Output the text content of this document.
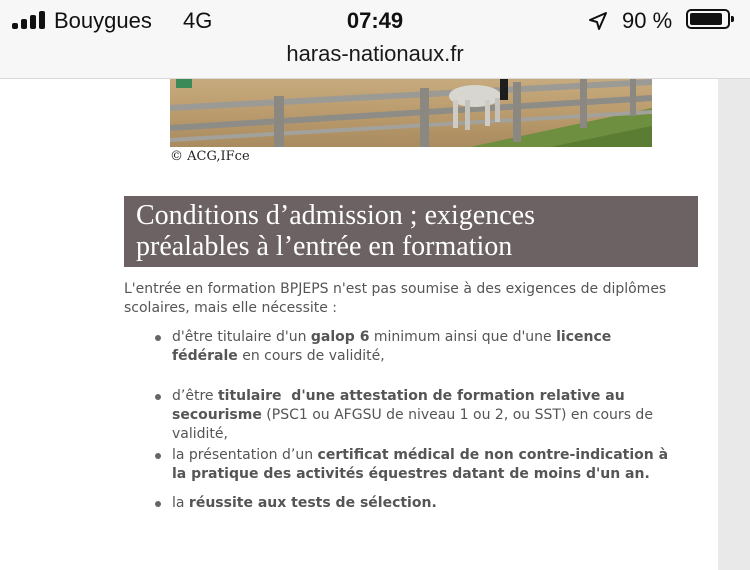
Bouygues 4G	07:49	90 %
haras-nationaux.fr
© ACG,IFce
Conditions d’admission ; exigences
préalables à l’entrée en formation
L'entrée en formation BPJEPS n'est pas soumise à des exigences de diplômes
scolaires, mais elle nécessite :
d'être titulaire d'un galop 6 minimum ainsi que d'une licence
fédérale en cours de validité,
d’être titulaire  d'une attestation de formation relative au
secourisme (PSC1 ou AFGSU de niveau 1 ou 2, ou SST) en cours de
validité,
la présentation d’un certificat médical de non contre-indication à
la pratique des activités équestres datant de moins d'un an.
la réussite aux tests de sélection.
